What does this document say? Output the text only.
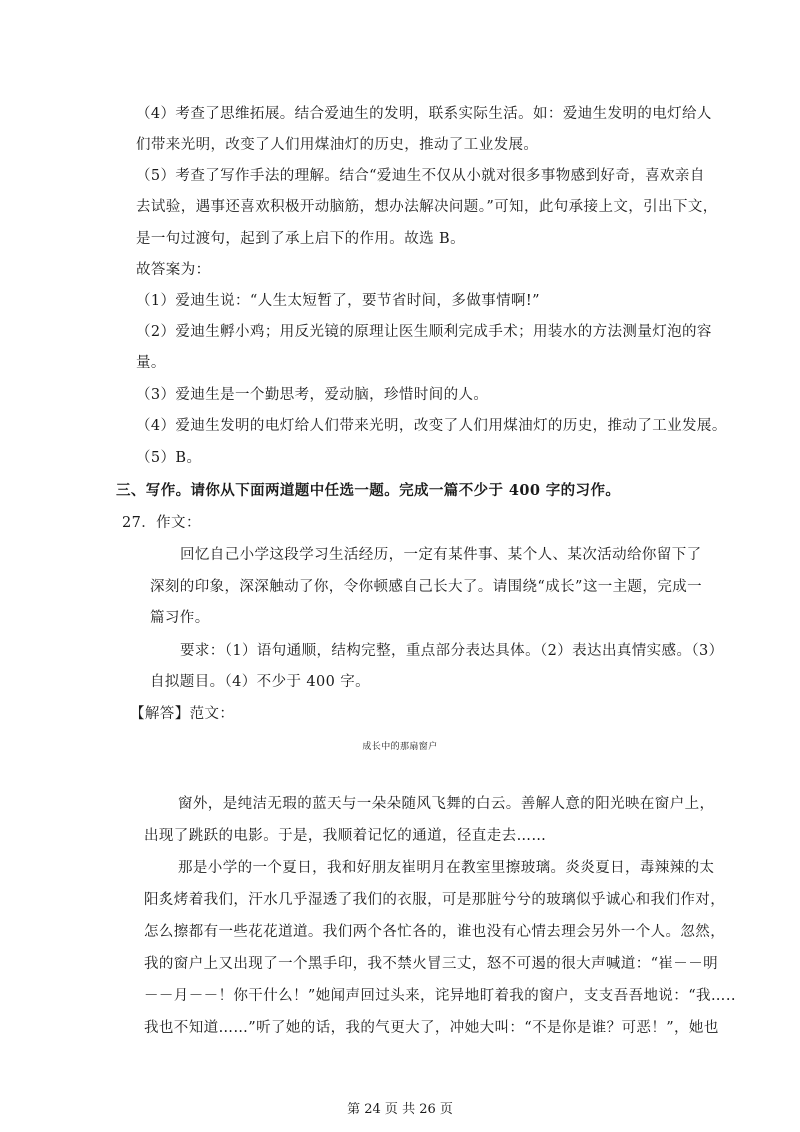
（4）考查了思维拓展。结合爱迪生的发明，联系实际生活。如：爱迪生发明的电灯给人
们带来光明，改变了人们用煤油灯的历史，推动了工业发展。
（5）考查了写作手法的理解。结合“爱迪生不仅从小就对很多事物感到好奇，喜欢亲自
去试验，遇事还喜欢积极开动脑筋，想办法解决问题。”可知，此句承接上文，引出下文，
是一句过渡句，起到了承上启下的作用。故选 B。
故答案为：
（1）爱迪生说：“人生太短暂了，要节省时间，多做事情啊!”
（2）爱迪生孵小鸡；用反光镜的原理让医生顺利完成手术；用装水的方法测量灯泡的容
量。
（3）爱迪生是一个勤思考，爱动脑，珍惜时间的人。
（4）爱迪生发明的电灯给人们带来光明，改变了人们用煤油灯的历史，推动了工业发展。
（5）B。
三、写作。请你从下面两道题中任选一题。完成一篇不少于 400 字的习作。
27．作文：
回忆自己小学这段学习生活经历，一定有某件事、某个人、某次活动给你留下了
深刻的印象，深深触动了你，令你顿感自己长大了。请围绕“成长”这一主题，完成一
篇习作。
要求：（1）语句通顺，结构完整，重点部分表达具体。（2）表达出真情实感。（3）
自拟题目。（4）不少于 400 字。
【解答】范文：
成长中的那扇窗户
窗外，是纯洁无瑕的蓝天与一朵朵随风飞舞的白云。善解人意的阳光映在窗户上，
出现了跳跃的电影。于是，我顺着记忆的通道，径直走去……
那是小学的一个夏日，我和好朋友崔明月在教室里擦玻璃。炎炎夏日，毒辣辣的太
阳炙烤着我们，汗水几乎湿透了我们的衣服，可是那脏兮兮的玻璃似乎诚心和我们作对，
怎么擦都有一些花花道道。我们两个各忙各的，谁也没有心情去理会另外一个人。忽然，
我的窗户上又出现了一个黑手印，我不禁火冒三丈，怒不可遏的很大声喊道：“崔－－明
－－月－－！你干什么！”她闻声回过头来，诧异地盯着我的窗户，支支吾吾地说：“我…..
我也不知道……”听了她的话，我的气更大了，冲她大叫：“不是你是谁？可恶！”，她也
第 24 页 共 26 页
